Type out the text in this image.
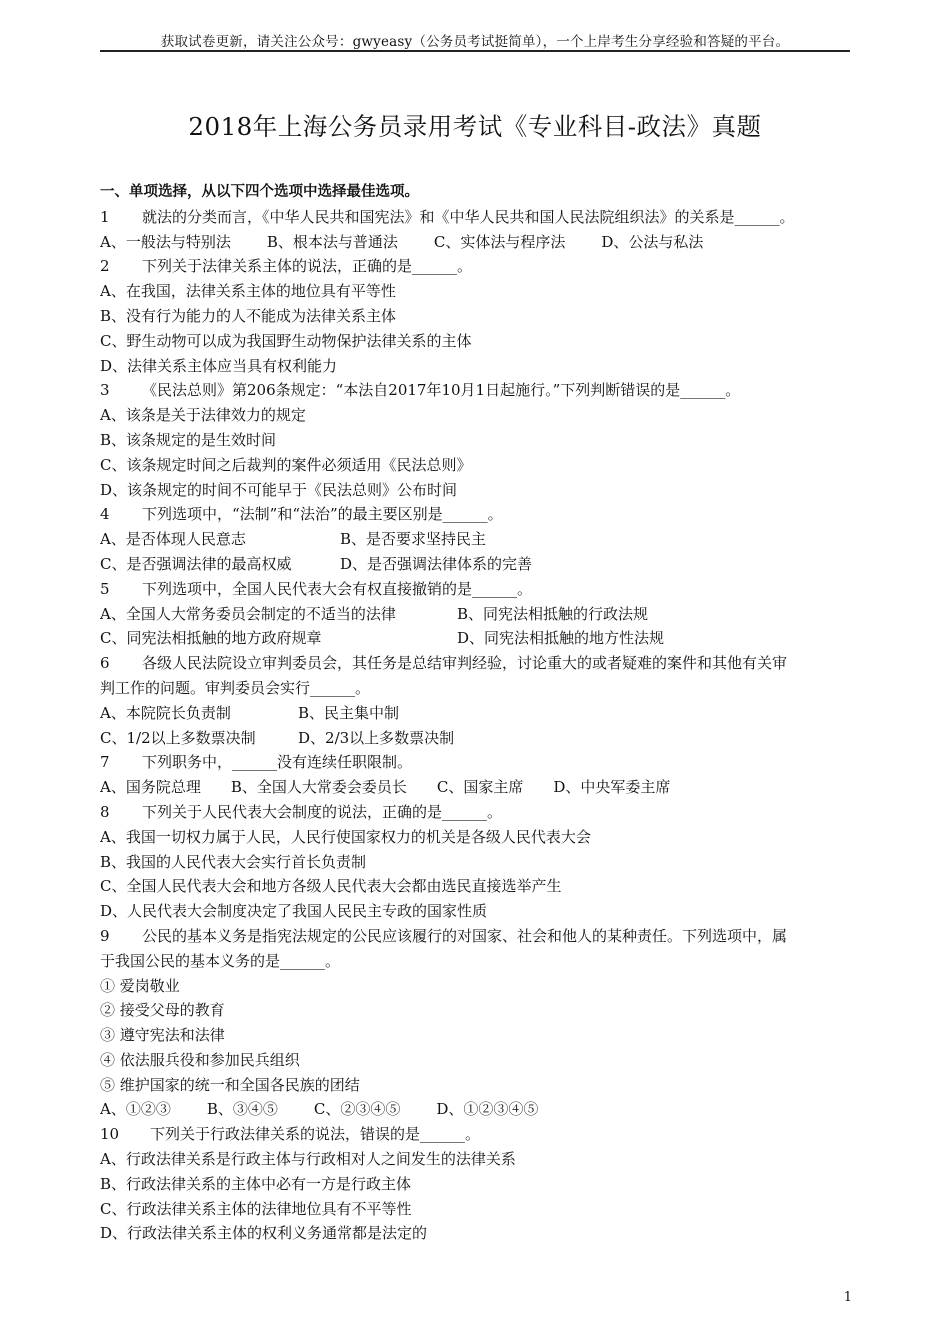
获取试卷更新，请关注公众号：gwyeasy（公务员考试挺简单），一个上岸考生分享经验和答疑的平台。
2018年上海公务员录用考试《专业科目-政法》真题
一、单项选择，从以下四个选项中选择最佳选项。
1 就法的分类而言，《中华人民共和国宪法》和《中华人民共和国人民法院组织法》的关系是______。
A、一般法与特别法 B、根本法与普通法 C、实体法与程序法 D、公法与私法
2 下列关于法律关系主体的说法，正确的是______。
A、在我国，法律关系主体的地位具有平等性
B、没有行为能力的人不能成为法律关系主体
C、野生动物可以成为我国野生动物保护法律关系的主体
D、法律关系主体应当具有权利能力
3 《民法总则》第206条规定：“本法自2017年10月1日起施行。”下列判断错误的是______。
A、该条是关于法律效力的规定
B、该条规定的是生效时间
C、该条规定时间之后裁判的案件必须适用《民法总则》
D、该条规定的时间不可能早于《民法总则》公布时间
4 下列选项中，“法制”和“法治”的最主要区别是______。
A、是否体现人民意志	B、是否要求坚持民主
C、是否强调法律的最高权威	D、是否强调法律体系的完善
5 下列选项中，全国人民代表大会有权直接撤销的是______。
A、全国人大常务委员会制定的不适当的法律	B、同宪法相抵触的行政法规
C、同宪法相抵触的地方政府规章	D、同宪法相抵触的地方性法规
6 各级人民法院设立审判委员会，其任务是总结审判经验，讨论重大的或者疑难的案件和其他有关审
判工作的问题。审判委员会实行______。
A、本院院长负责制	B、民主集中制
C、1/2以上多数票决制	D、2/3以上多数票决制
7 下列职务中，______没有连续任职限制。
A、国务院总理 B、全国人大常委会委员长 C、国家主席 D、中央军委主席
8 下列关于人民代表大会制度的说法，正确的是______。
A、我国一切权力属于人民，人民行使国家权力的机关是各级人民代表大会
B、我国的人民代表大会实行首长负责制
C、全国人民代表大会和地方各级人民代表大会都由选民直接选举产生
D、人民代表大会制度决定了我国人民民主专政的国家性质
9 公民的基本义务是指宪法规定的公民应该履行的对国家、社会和他人的某种责任。下列选项中，属
于我国公民的基本义务的是______。
① 爱岗敬业
② 接受父母的教育
③ 遵守宪法和法律
④ 依法服兵役和参加民兵组织
⑤ 维护国家的统一和全国各民族的团结
A、①②③ B、③④⑤ C、②③④⑤ D、①②③④⑤
10 下列关于行政法律关系的说法，错误的是______。
A、行政法律关系是行政主体与行政相对人之间发生的法律关系
B、行政法律关系的主体中必有一方是行政主体
C、行政法律关系主体的法律地位具有不平等性
D、行政法律关系主体的权利义务通常都是法定的
1
